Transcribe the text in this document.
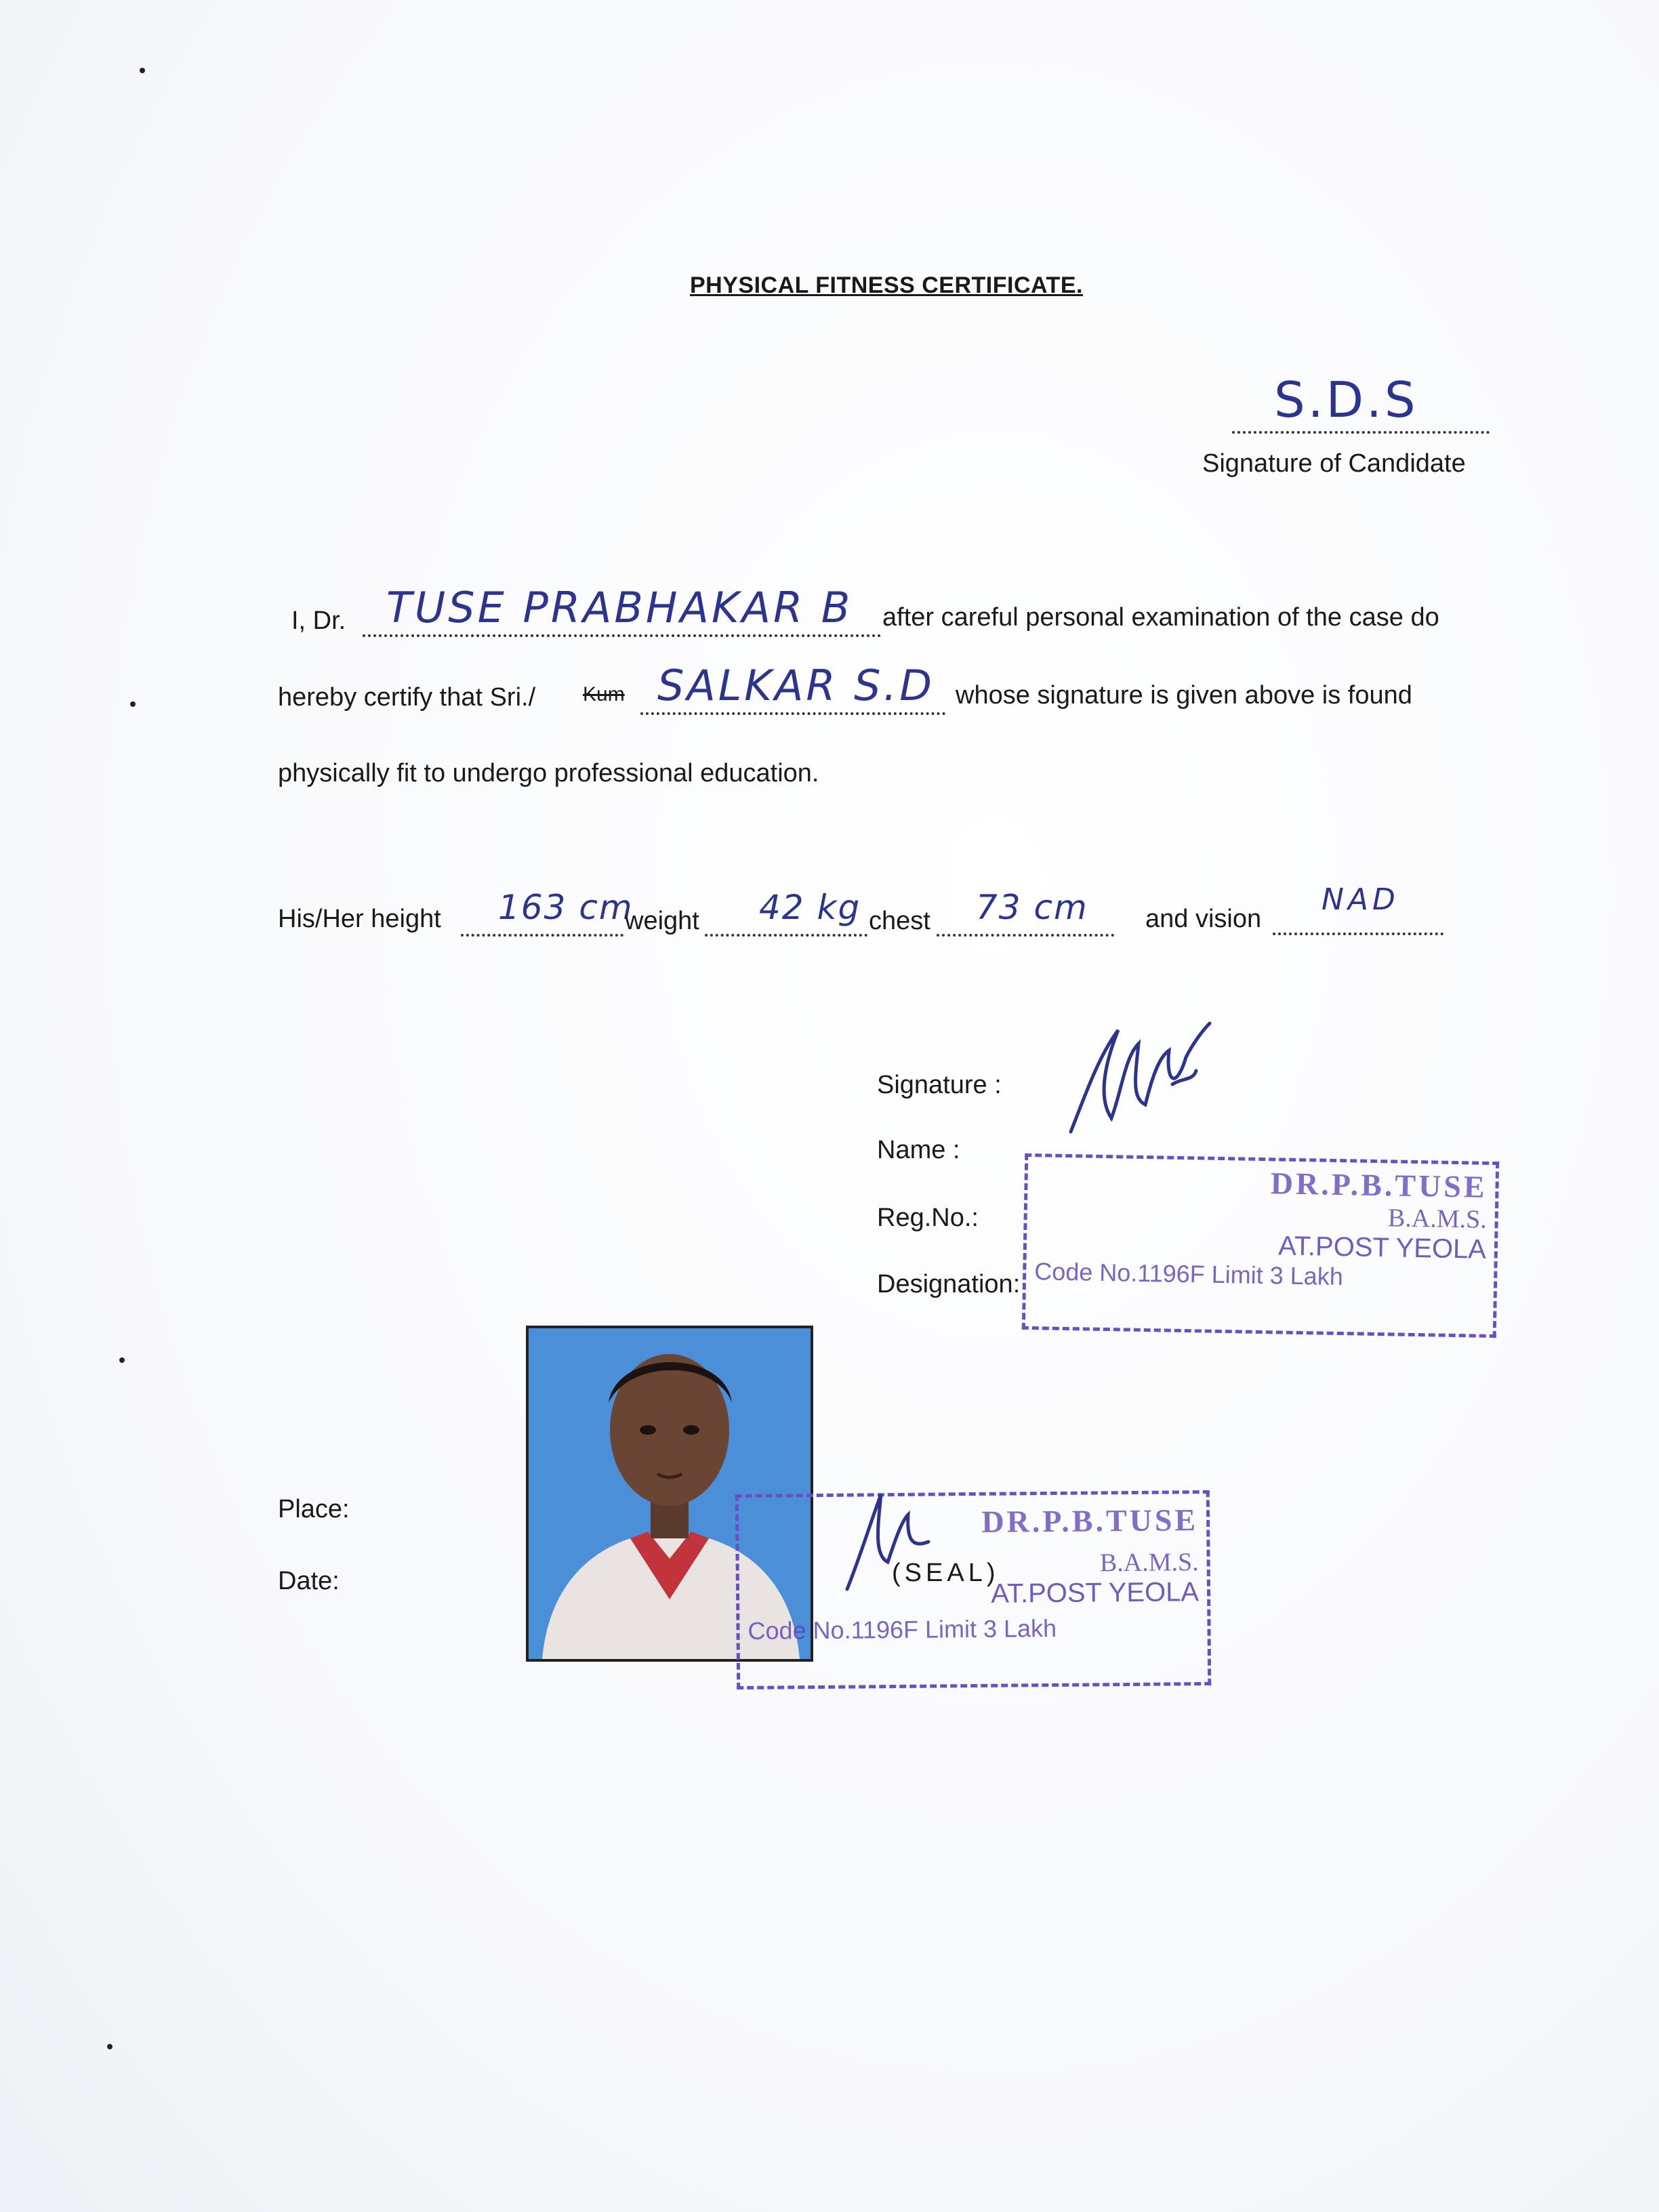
PHYSICAL FITNESS CERTIFICATE.
S.D.S
Signature of Candidate
I, Dr. TUSE PRABHAKAR B after careful personal examination of the case do
hereby certify that Sri./ Kum SALKAR S.D whose signature is given above is found
physically fit to undergo professional education.
His/Her height 163 cm
weight 42 kg chest 73 cm and vision
NAD
Signature :
Name :
Reg.No.:
Designation:
DR.P.B.TUSE
B.A.M.S.
AT.POST YEOLA
Code No.1196F Limit 3 Lakh
DR.P.B.TUSE
B.A.M.S.
AT.POST YEOLA
Code No.1196F Limit 3 Lakh
(SEAL)
Place:
Date:
